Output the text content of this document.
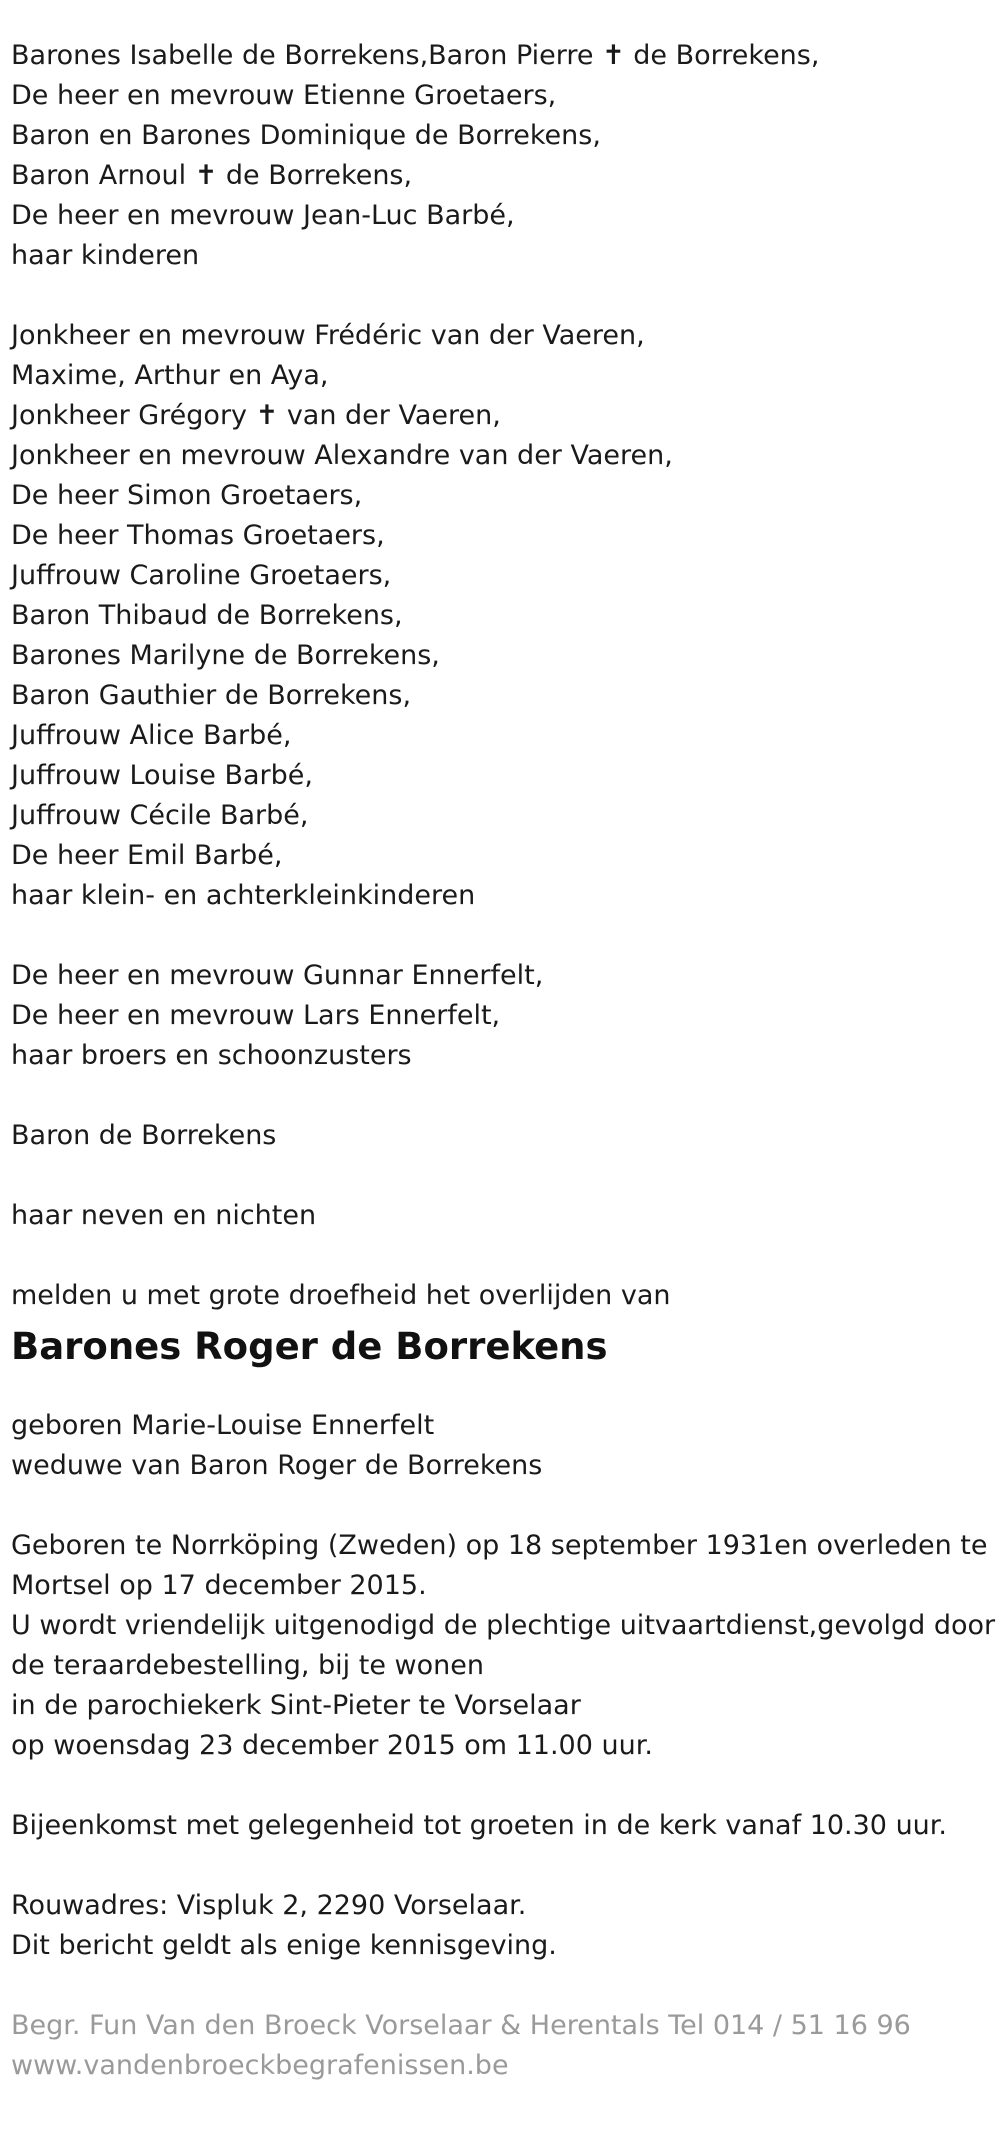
Barones Isabelle de Borrekens,Baron Pierre ✝ de Borrekens,
De heer en mevrouw Etienne Groetaers,
Baron en Barones Dominique de Borrekens,
Baron Arnoul ✝ de Borrekens,
De heer en mevrouw Jean-Luc Barbé,
haar kinderen
Jonkheer en mevrouw Frédéric van der Vaeren,
Maxime, Arthur en Aya,
Jonkheer Grégory ✝ van der Vaeren,
Jonkheer en mevrouw Alexandre van der Vaeren,
De heer Simon Groetaers,
De heer Thomas Groetaers,
Juffrouw Caroline Groetaers,
Baron Thibaud de Borrekens,
Barones Marilyne de Borrekens,
Baron Gauthier de Borrekens,
Juffrouw Alice Barbé,
Juffrouw Louise Barbé,
Juffrouw Cécile Barbé,
De heer Emil Barbé,
haar klein- en achterkleinkinderen
De heer en mevrouw Gunnar Ennerfelt,
De heer en mevrouw Lars Ennerfelt,
haar broers en schoonzusters
Baron de Borrekens
haar neven en nichten
melden u met grote droefheid het overlijden van
Barones Roger de Borrekens
geboren Marie-Louise Ennerfelt
weduwe van Baron Roger de Borrekens
Geboren te Norrköping (Zweden) op 18 september 1931en overleden te
Mortsel op 17 december 2015.
U wordt vriendelijk uitgenodigd de plechtige uitvaartdienst,gevolgd door
de teraardebestelling, bij te wonen
in de parochiekerk Sint-Pieter te Vorselaar
op woensdag 23 december 2015 om 11.00 uur.
Bijeenkomst met gelegenheid tot groeten in de kerk vanaf 10.30 uur.
Rouwadres: Vispluk 2, 2290 Vorselaar.
Dit bericht geldt als enige kennisgeving.
Begr. Fun Van den Broeck Vorselaar & Herentals Tel 014 / 51 16 96
www.vandenbroeckbegrafenissen.be
